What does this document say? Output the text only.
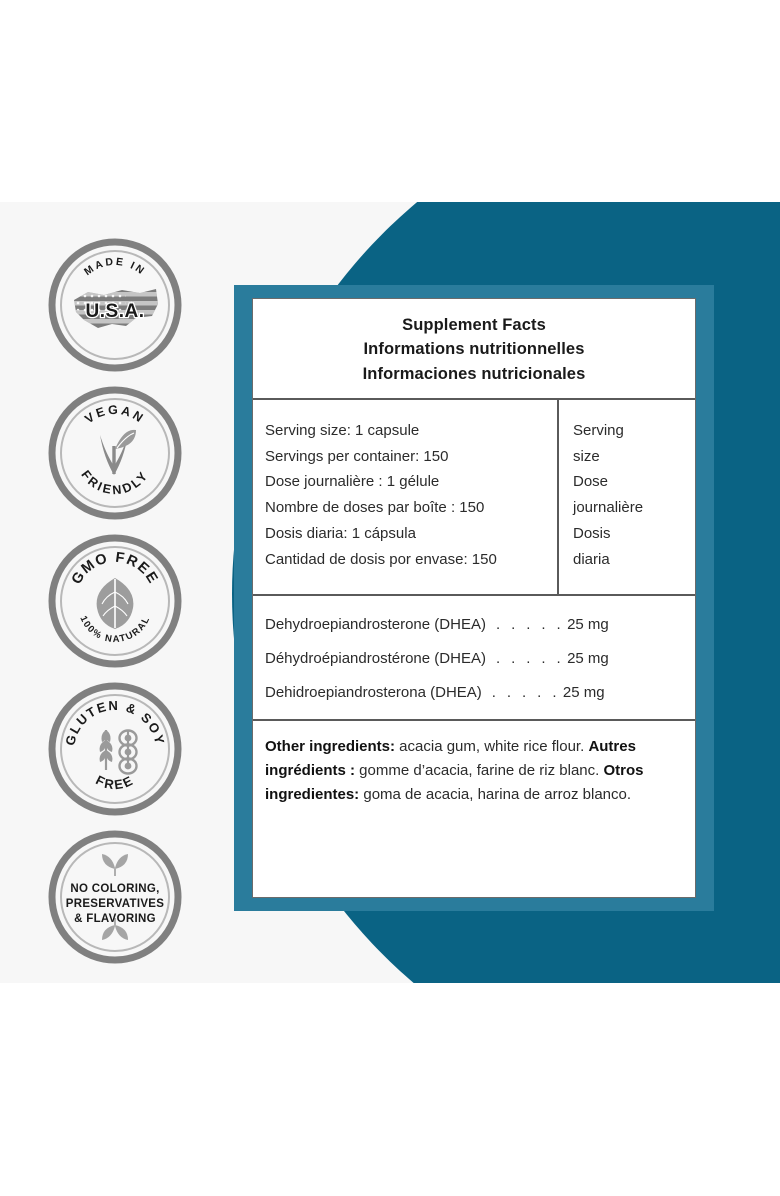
MADE IN
U.S.A.
VEGAN
FRIENDLY
GMO FREE
100% NATURAL
GLUTEN & SOY
FREE
NO COLORING,
PRESERVATIVES
& FLAVORING
Supplement Facts
Informations nutritionnelles
Informaciones nutricionales
Serving size: 1 capsule
Servings per container: 150
Dose journalière : 1 gélule
Nombre de doses par boîte : 150
Dosis diaria: 1 cápsula
Cantidad de dosis por envase: 150
Serving
size
Dose
journalière
Dosis
diaria
Dehydroepiandrosterone (DHEA) . . . . . 25 mg
Déhydroépiandrostérone (DHEA) . . . . . 25 mg
Dehidroepiandrosterona (DHEA) . . . . . 25 mg

Other ingredients: acacia gum, white rice flour. Autres ingrédients : gomme d’acacia, farine de riz blanc. Otros ingredientes: goma de acacia, harina de arroz blanco.
